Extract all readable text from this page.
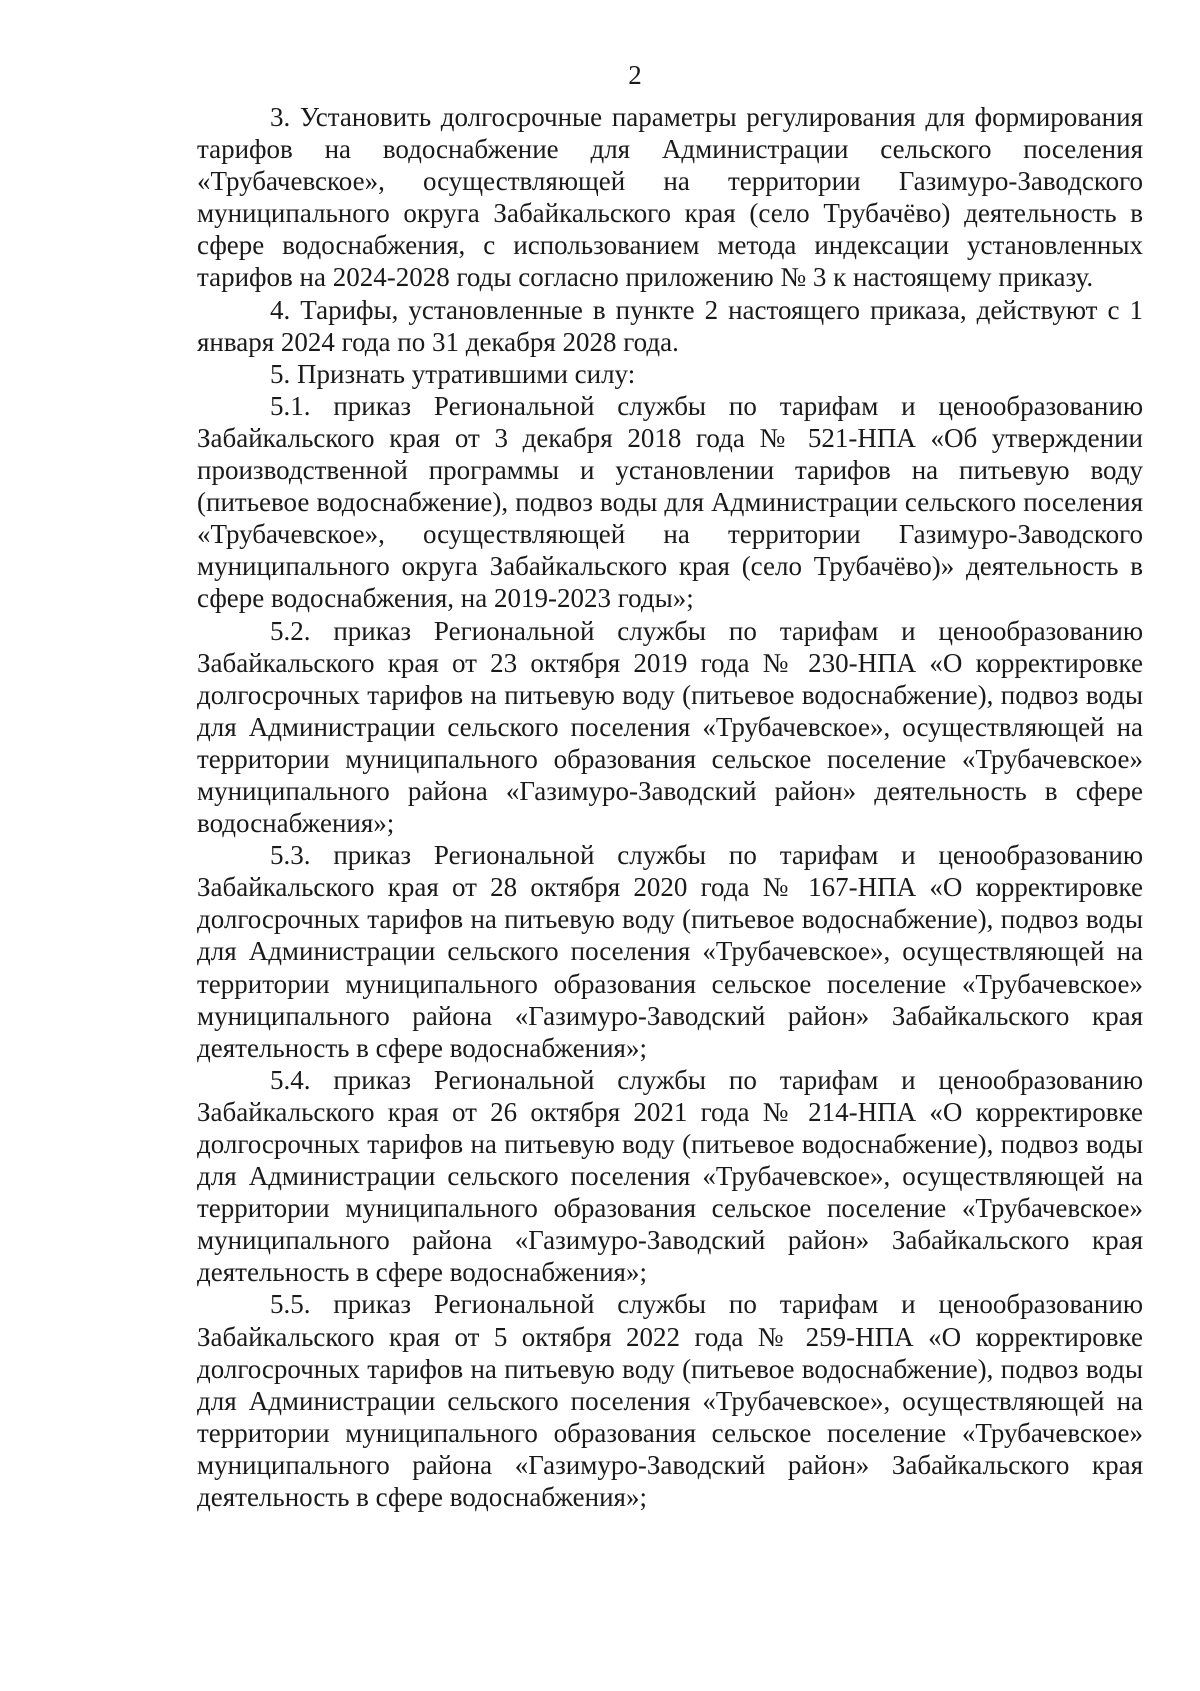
2

3. Установить долгосрочные параметры регулирования для формирования тарифов на водоснабжение для Администрации сельского поселения «Трубачевское», осуществляющей на территории Газимуро-Заводского муниципального округа Забайкальского края (село Трубачёво) деятельность в сфере водоснабжения, с использованием метода индексации установленных тарифов на 2024-2028 годы согласно приложению № 3 к настоящему приказу.

4. Тарифы, установленные в пункте 2 настоящего приказа, действуют с 1 января 2024 года по 31 декабря 2028 года.

5. Признать утратившими силу:

5.1. приказ Региональной службы по тарифам и ценообразованию Забайкальского края от 3 декабря 2018 года № 521-НПА «Об утверждении производственной программы и установлении тарифов на питьевую воду (питьевое водоснабжение), подвоз воды для Администрации сельского поселения «Трубачевское», осуществляющей на территории Газимуро-Заводского муниципального округа Забайкальского края (село Трубачёво)» деятельность в сфере водоснабжения, на 2019-2023 годы»;

5.2. приказ Региональной службы по тарифам и ценообразованию Забайкальского края от 23 октября 2019 года № 230-НПА «О корректировке долгосрочных тарифов на питьевую воду (питьевое водоснабжение), подвоз воды для Администрации сельского поселения «Трубачевское», осуществляющей на территории муниципального образования сельское поселение «Трубачевское» муниципального района «Газимуро-Заводский район» деятельность в сфере водоснабжения»;

5.3. приказ Региональной службы по тарифам и ценообразованию Забайкальского края от 28 октября 2020 года № 167-НПА «О корректировке долгосрочных тарифов на питьевую воду (питьевое водоснабжение), подвоз воды для Администрации сельского поселения «Трубачевское», осуществляющей на территории муниципального образования сельское поселение «Трубачевское» муниципального района «Газимуро-Заводский район» Забайкальского края деятельность в сфере водоснабжения»;

5.4. приказ Региональной службы по тарифам и ценообразованию Забайкальского края от 26 октября 2021 года № 214-НПА «О корректировке долгосрочных тарифов на питьевую воду (питьевое водоснабжение), подвоз воды для Администрации сельского поселения «Трубачевское», осуществляющей на территории муниципального образования сельское поселение «Трубачевское» муниципального района «Газимуро-Заводский район» Забайкальского края деятельность в сфере водоснабжения»;

5.5. приказ Региональной службы по тарифам и ценообразованию Забайкальского края от 5 октября 2022 года № 259-НПА «О корректировке долгосрочных тарифов на питьевую воду (питьевое водоснабжение), подвоз воды для Администрации сельского поселения «Трубачевское», осуществляющей на территории муниципального образования сельское поселение «Трубачевское» муниципального района «Газимуро-Заводский район» Забайкальского края деятельность в сфере водоснабжения»;
